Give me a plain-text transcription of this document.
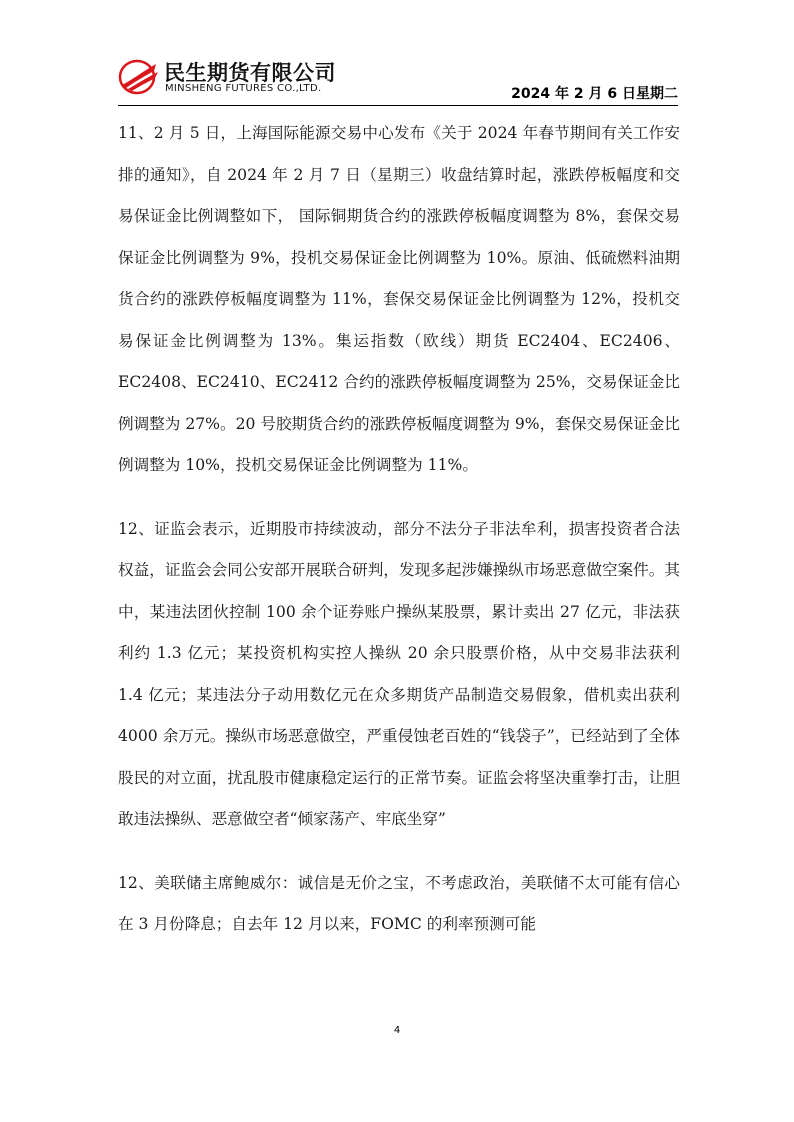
民生期货有限公司
MINSHENG FUTURES CO.,LTD.	2024 年 2 月 6 日星期二

11、2 月 5 日，上海国际能源交易中心发布《关于 2024 年春节期间有关工作安排的通知》，自 2024 年 2 月 7 日（星期三）收盘结算时起，涨跌停板幅度和交易保证金比例调整如下， 国际铜期货合约的涨跌停板幅度调整为 8%，套保交易保证金比例调整为 9%，投机交易保证金比例调整为 10%。原油、低硫燃料油期货合约的涨跌停板幅度调整为 11%，套保交易保证金比例调整为 12%，投机交易保证金比例调整为 13%。集运指数（欧线）期货 EC2404、EC2406、EC2408、EC2410、EC2412 合约的涨跌停板幅度调整为 25%，交易保证金比例调整为 27%。20 号胶期货合约的涨跌停板幅度调整为 9%，套保交易保证金比例调整为 10%，投机交易保证金比例调整为 11%。

12、证监会表示，近期股市持续波动，部分不法分子非法牟利，损害投资者合法权益，证监会会同公安部开展联合研判，发现多起涉嫌操纵市场恶意做空案件。其中，某违法团伙控制 100 余个证券账户操纵某股票，累计卖出 27 亿元，非法获利约 1.3 亿元；某投资机构实控人操纵 20 余只股票价格，从中交易非法获利 1.4 亿元；某违法分子动用数亿元在众多期货产品制造交易假象，借机卖出获利 4000 余万元。操纵市场恶意做空，严重侵蚀老百姓的“钱袋子”，已经站到了全体股民的对立面，扰乱股市健康稳定运行的正常节奏。证监会将坚决重拳打击，让胆敢违法操纵、恶意做空者“倾家荡产、牢底坐穿”

12、美联储主席鲍威尔：诚信是无价之宝，不考虑政治，美联储不太可能有信心在 3 月份降息；自去年 12 月以来，FOMC 的利率预测可能

4
